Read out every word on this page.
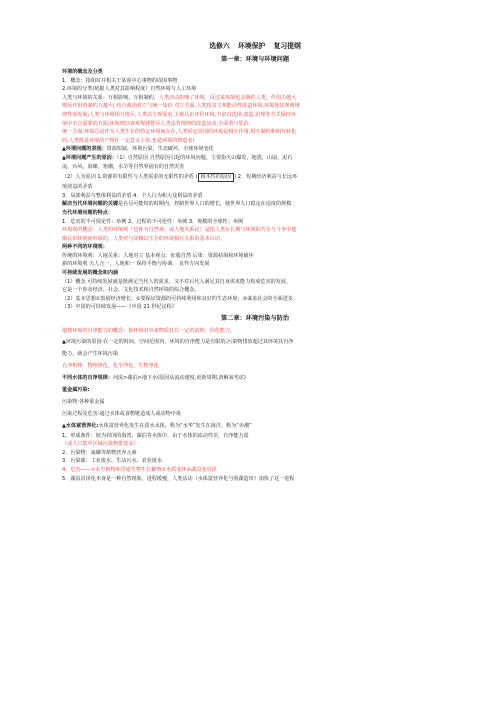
选修六 环境保护 复习提纲
第一章：环境与环境问题
环境的概念及分类
1．概念：指相对并相关于某项中心事物的周围事物
2.环境的分类(依据人类对其影响程度）自然环境与人工环境
人类与环境的关系：互相影响、互相制约，人类活动影响了环境，反过来环境也会制约人类，作用力越大
则反作用的制约力越大( 结合政治对立与统一知识 对立方面,人类按其主观能动性改造环境,环境按其客观规
律性而发展;人类与环境相互排斥,人类以主观需求,主观认识评价环境,力求以选择,改造,治理等方式保持环
境中不合需要的方面;环境则以客观规律排斥人类违背规律的改造活动,全面着与惩治.
统一方面:环境总是作为人类生存的特定环境而存在,人类同它周围的环境是相互作用,相互制约和相互转化
的,人类既是环境的产物在一定意义上讲,也是环境的塑造者)
▲环境问题的表现：资源短缺，环境污染，生态破坏，全球环境变化
▲环境问题产生的原因：（1）自然原因 自然原因引起的环境问题，主要指火山爆发，地震，山崩，泥石
流，台风，海啸，寒潮，水旱等自然界固有的自然灾害
（2）人为原因 1.资源的有限性与人类需求的无限性的矛盾 ( 根本性的原因 ) 2．短期经济利益与长远环
境效益的矛盾
3．局部利益与整体利益的矛盾 4．个人行为和大众利益的矛盾
解决当代环境问题的关键是在尽可能短的时期内，控制世界人口的增长，使世界人口稳定在适度的规模
当代环境问题的特点：
1．危害的不可预见性：举例 2、过程的不可逆性：举例 3、规模的全球性：举例
环境观的概念：人类的环境观（也称为自然观；或人地关系论）是指人类在长期与环境的共存与斗争中逐
渐认识环境而形成的，人类对与其赖以生存的环境相互关系的基本认识。
两种不同的环境观：
传统的环境观：人地关系：人地对立 基本观点：征服自然 后果：资源枯竭和环境破坏
新的环境观 天人合一，人地和一 保持平衡与协调， 良性方向发展
可持续发展的概念和内涵
（1）概念 可持续发展就是既满足当代人的需求，又不对后代人满足其自身需求能力构成危害的发展。
它是一个涉及经济、社会、文化技术和自然环境的综合概念。
（2）基本思想①鼓励经济增长；②要保证资源的可持续利用和良好的生态环境；③谋求社会的全面进步。
（3）中国的可持续发展——《中国 21 世纪议程》
第二章：环境污染与防治
地球环境的自净能力的概念：指环境对外来物质具有一定的消纳、同化能力。
▲环境污染的原因:在一定的时间、空间范围内，环境的自净能力是有限的,污染物排放超过其环境其自净
能力，就会产生环境污染
自净机理：物理净化，化学净化，生物净化
不同水体的自净规律：河流>湖泊>地下水(原因从流动速度,更新周期,溶解氧考虑)
重金属污染:
污染物:各种重金属
污染过程及危害:通过水体或食物链造成人或动物中毒
▲水体富营养化:水体富营养化发生在淡水水体，称为“水华”发生在海洋，称为“赤潮”
1、形成条件：较为封闭的海湾、湖泊等水体中，由于水体的流动性差，自净能力弱
（或人口集中区域污染物排放多）
2．污染物：氮磷等植物营养元素
3．污染源：工业废水、生活污水、农业废水
4、危害——①水生植物和浮游生物生长繁殖②水质变坏③湖泊变沼泽
5．湖泊沼泽化本身是一种自然现象，进程缓慢，人类活动（水体富营养化与围湖造田）加快了这一进程
